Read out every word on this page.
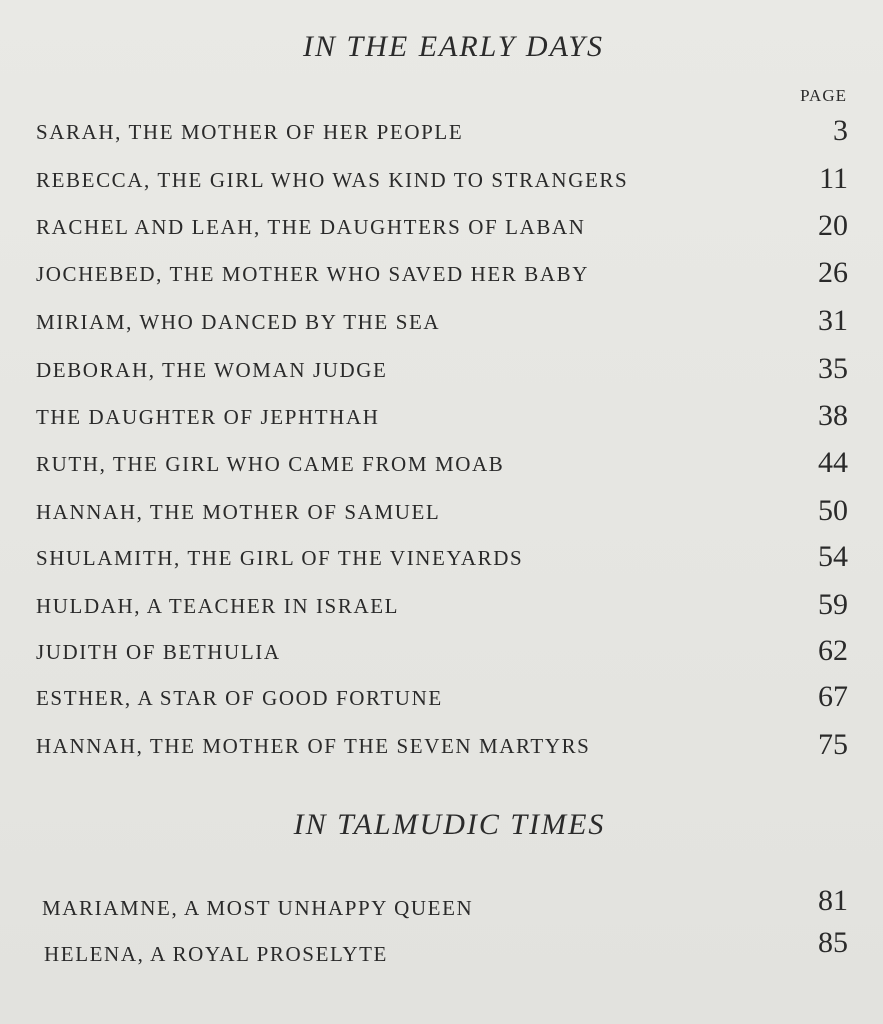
IN THE EARLY DAYS
PAGE
SARAH, THE MOTHER OF HER PEOPLE	3
REBECCA, THE GIRL WHO WAS KIND TO STRANGERS	11
RACHEL AND LEAH, THE DAUGHTERS OF LABAN	20
JOCHEBED, THE MOTHER WHO SAVED HER BABY	26
MIRIAM, WHO DANCED BY THE SEA	31
DEBORAH, THE WOMAN JUDGE	35
THE DAUGHTER OF JEPHTHAH	38
RUTH, THE GIRL WHO CAME FROM MOAB	44
HANNAH, THE MOTHER OF SAMUEL	50
SHULAMITH, THE GIRL OF THE VINEYARDS	54
HULDAH, A TEACHER IN ISRAEL	59
JUDITH OF BETHULIA	62
ESTHER, A STAR OF GOOD FORTUNE	67
HANNAH, THE MOTHER OF THE SEVEN MARTYRS	75
IN TALMUDIC TIMES
MARIAMNE, A MOST UNHAPPY QUEEN	81
HELENA, A ROYAL PROSELYTE	85
